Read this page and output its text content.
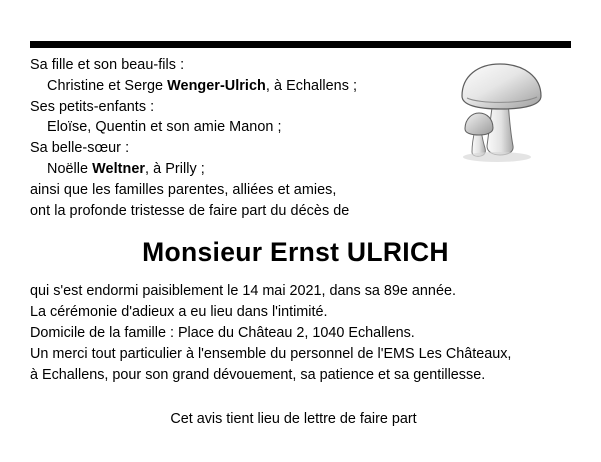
Sa fille et son beau-fils :
Christine et Serge Wenger-Ulrich, à Echallens ;
Ses petits-enfants :
Eloïse, Quentin et son amie Manon ;
Sa belle-sœur :
Noëlle Weltner, à Prilly ;
ainsi que les familles parentes, alliées et amies,
ont la profonde tristesse de faire part du décès de
Monsieur Ernst ULRICH
qui s'est endormi paisiblement le 14 mai 2021, dans sa 89e année.
La cérémonie d'adieux a eu lieu dans l'intimité.
Domicile de la famille : Place du Château 2, 1040 Echallens.
Un merci tout particulier à l'ensemble du personnel de l'EMS Les Châteaux,
à Echallens, pour son grand dévouement, sa patience et sa gentillesse.
Cet avis tient lieu de lettre de faire part
